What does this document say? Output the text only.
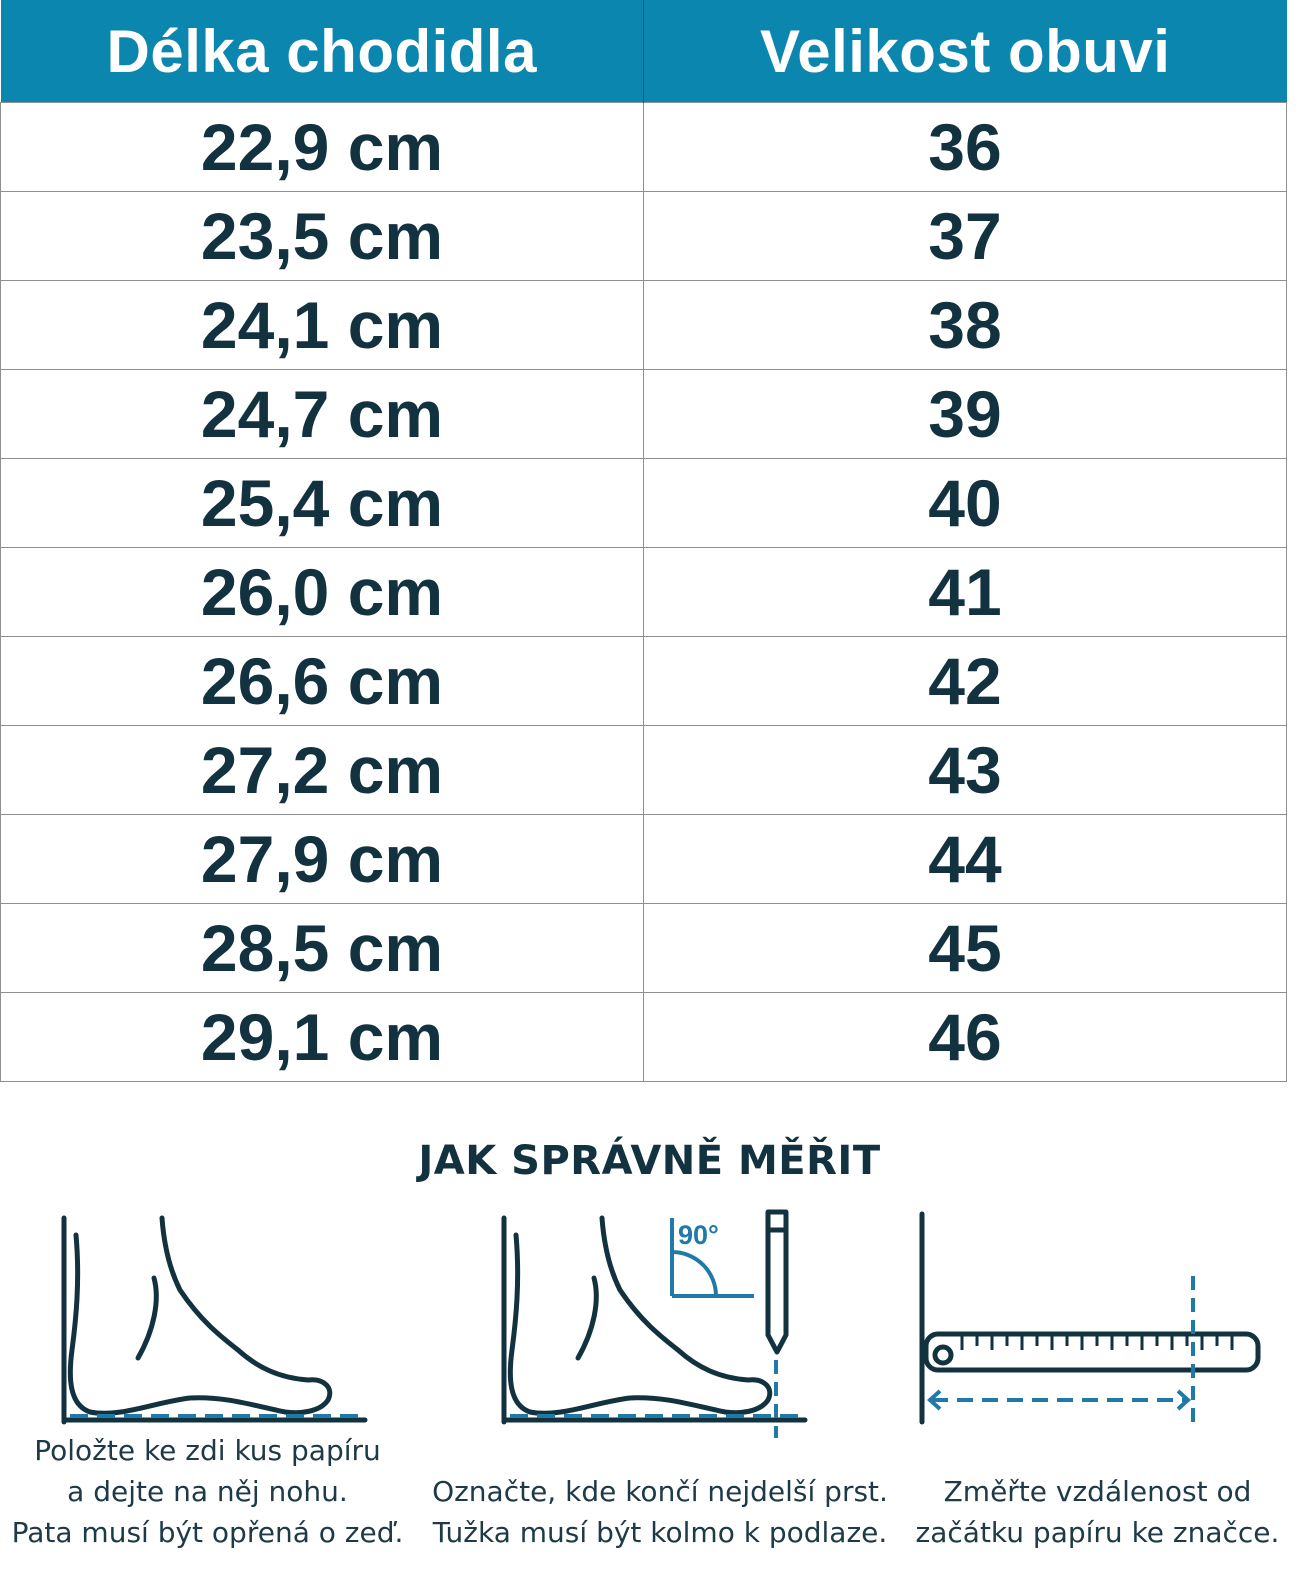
Délka chodidla	Velikost obuvi
22,9 cm	36
23,5 cm	37
24,1 cm	38
24,7 cm	39
25,4 cm	40
26,0 cm	41
26,6 cm	42
27,2 cm	43
27,9 cm	44
28,5 cm	45
29,1 cm	46
JAK SPRÁVNĚ MĚŘIT
90°
Položte ke zdi kus papíru
a dejte na něj nohu.
Pata musí být opřená o zeď.
Označte, kde končí nejdelší prst.
Tužka musí být kolmo k podlaze.
Změřte vzdálenost od
začátku papíru ke značce.
